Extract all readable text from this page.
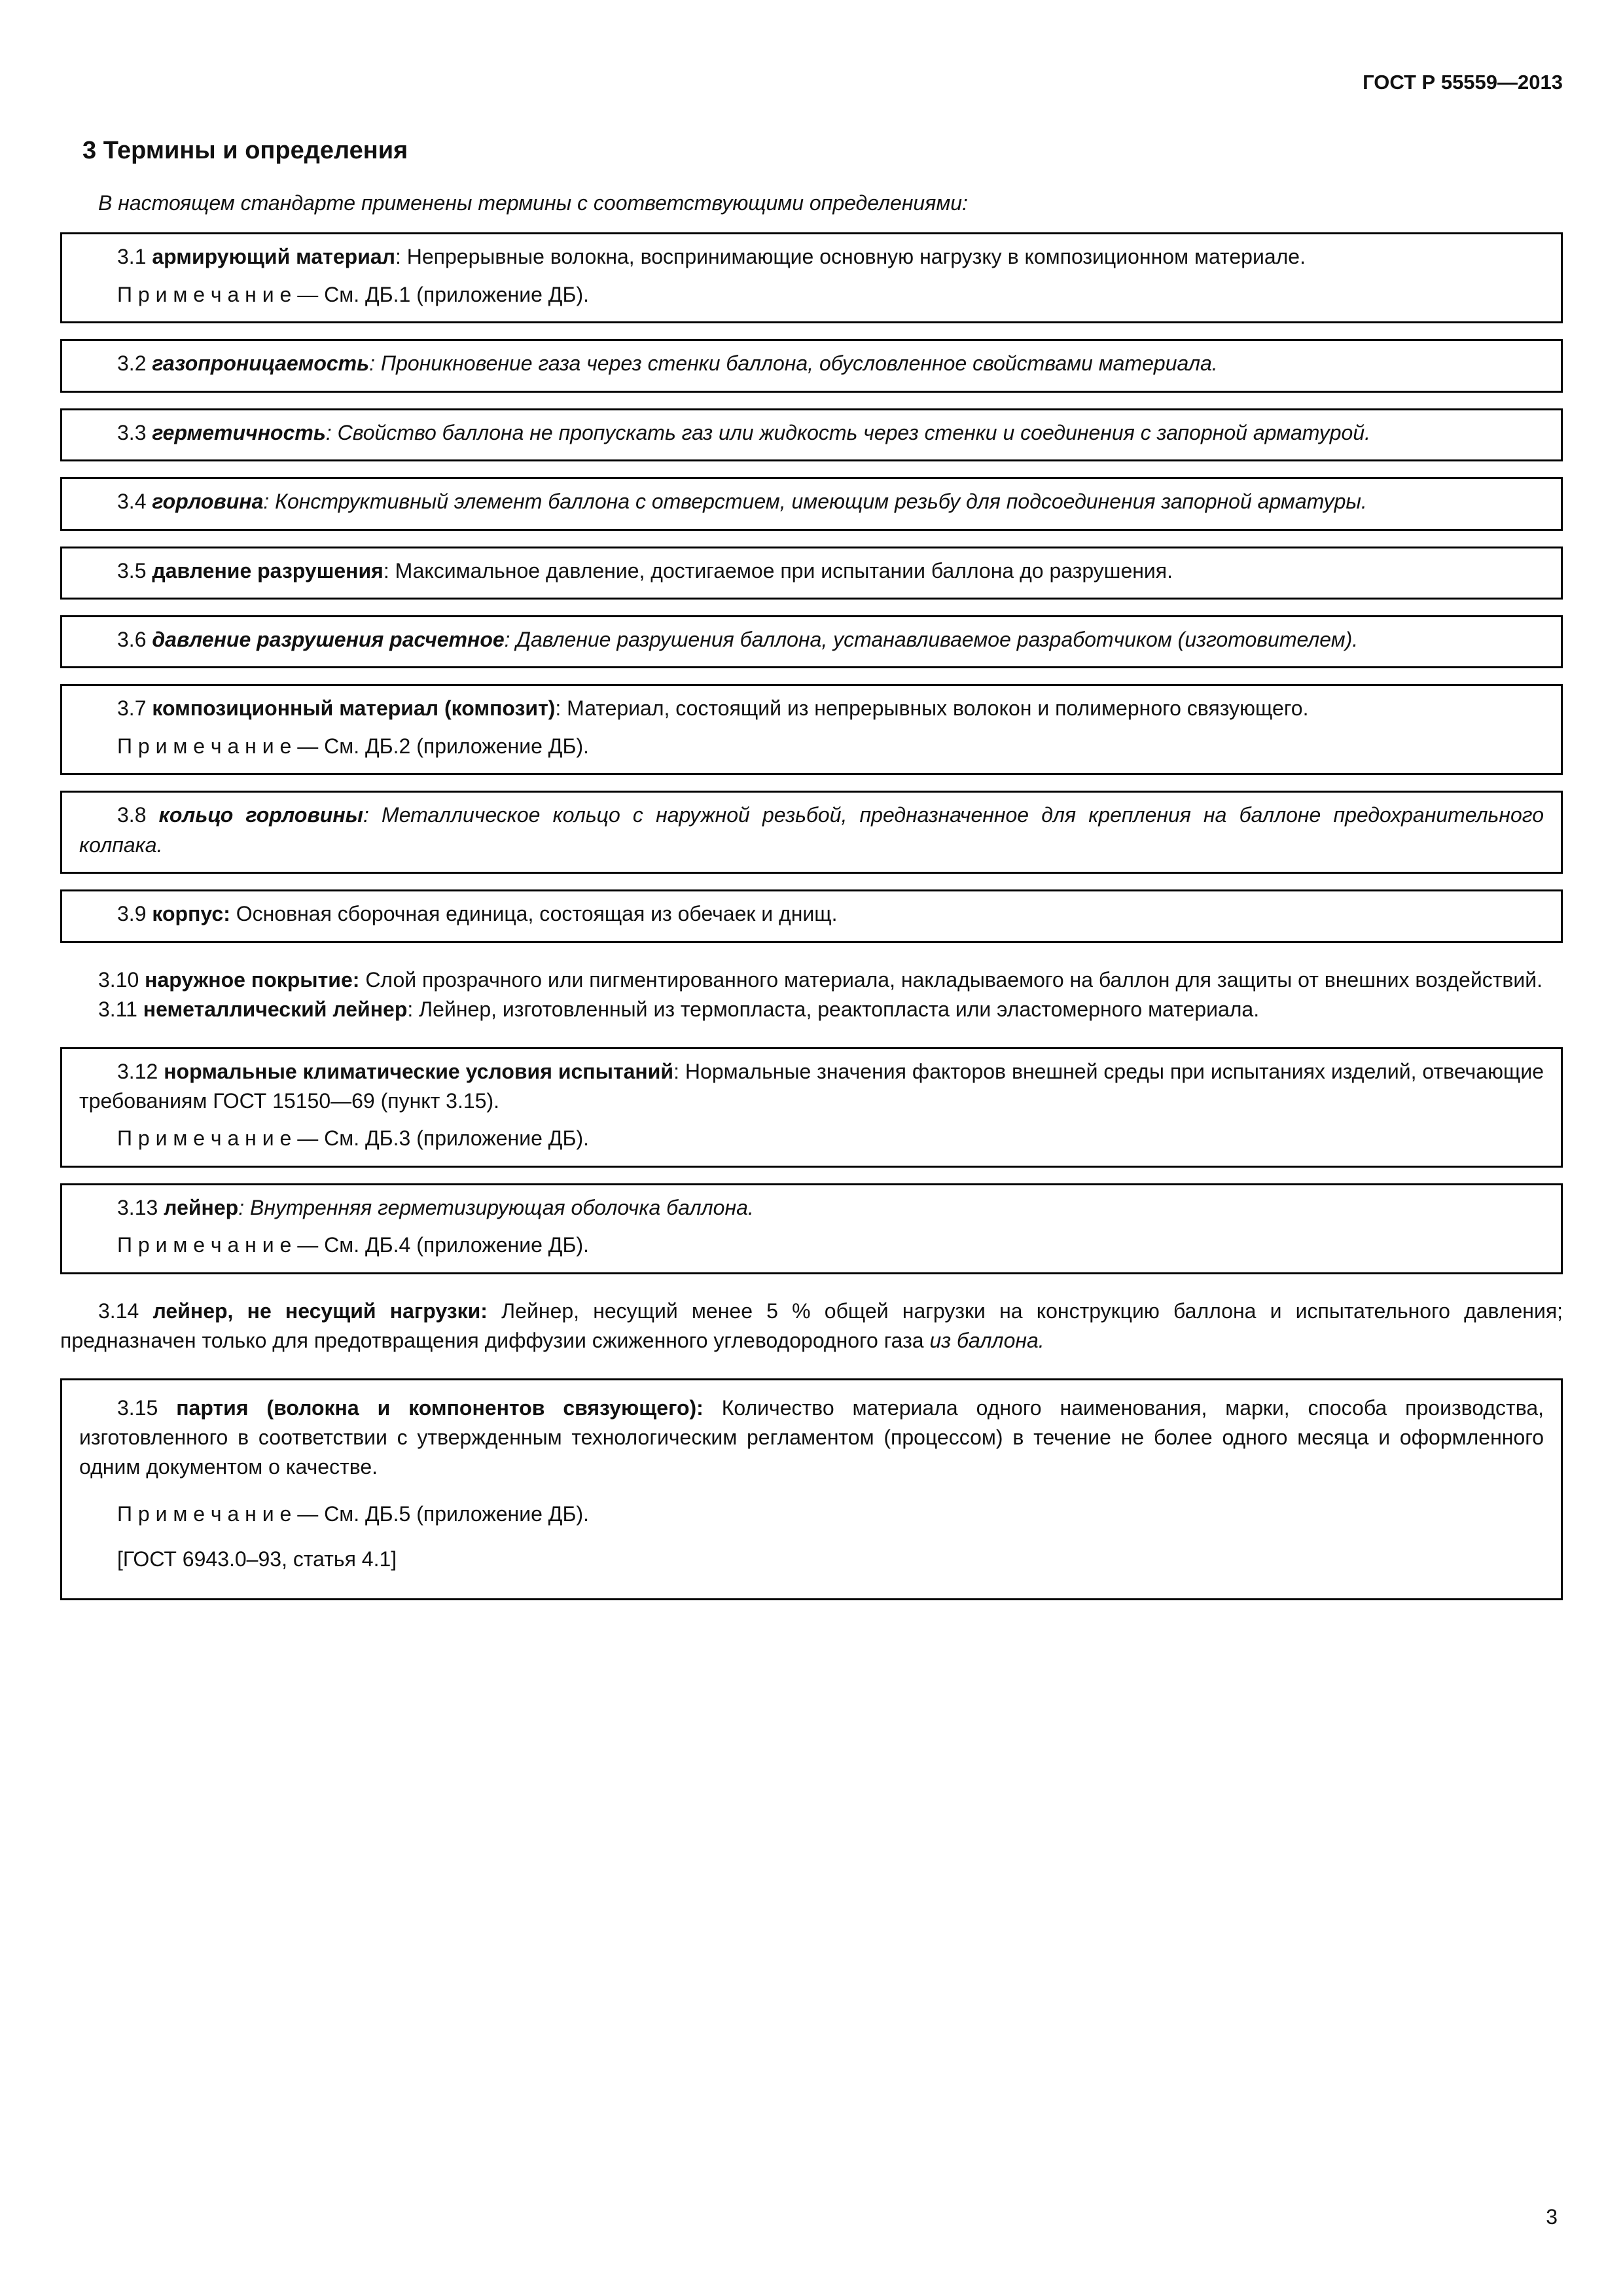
ГОСТ Р 55559—2013

3 Термины и определения

В настоящем стандарте применены термины с соответствующими определениями:

3.1 армирующий материал: Непрерывные волокна, воспринимающие основную нагрузку в композиционном материале.

П р и м е ч а н и е — См. ДБ.1 (приложение ДБ).

3.2 газопроницаемость: Проникновение газа через стенки баллона, обусловленное свойствами материала.

3.3 герметичность: Свойство баллона не пропускать газ или жидкость через стенки и соединения с запорной арматурой.

3.4 горловина: Конструктивный элемент баллона с отверстием, имеющим резьбу для подсоединения запорной арматуры.

3.5 давление разрушения: Максимальное давление, достигаемое при испытании баллона до разрушения.

3.6 давление разрушения расчетное: Давление разрушения баллона, устанавливаемое разработчиком (изготовителем).

3.7 композиционный материал (композит): Материал, состоящий из непрерывных волокон и полимерного связующего.

П р и м е ч а н и е — См. ДБ.2 (приложение ДБ).

3.8 кольцо горловины: Металлическое кольцо с наружной резьбой, предназначенное для крепления на баллоне предохранительного колпака.

3.9 корпус: Основная сборочная единица, состоящая из обечаек и днищ.

3.10 наружное покрытие: Слой прозрачного или пигментированного материала, накладываемого на баллон для защиты от внешних воздействий.

3.11 неметаллический лейнер: Лейнер, изготовленный из термопласта, реактопласта или эластомерного материала.

3.12 нормальные климатические условия испытаний: Нормальные значения факторов внешней среды при испытаниях изделий, отвечающие требованиям ГОСТ 15150—69 (пункт 3.15).

П р и м е ч а н и е — См. ДБ.3 (приложение ДБ).

3.13 лейнер: Внутренняя герметизирующая оболочка баллона.

П р и м е ч а н и е — См. ДБ.4 (приложение ДБ).

3.14 лейнер, не несущий нагрузки: Лейнер, несущий менее 5 % общей нагрузки на конструкцию баллона и испытательного давления; предназначен только для предотвращения диффузии сжиженного углеводородного газа из баллона.

3.15 партия (волокна и компонентов связующего): Количество материала одного наименования, марки, способа производства, изготовленного в соответствии с утвержденным технологическим регламентом (процессом) в течение не более одного месяца и оформленного одним документом о качестве.

П р и м е ч а н и е — См. ДБ.5 (приложение ДБ).

[ГОСТ 6943.0–93, статья 4.1]

3
